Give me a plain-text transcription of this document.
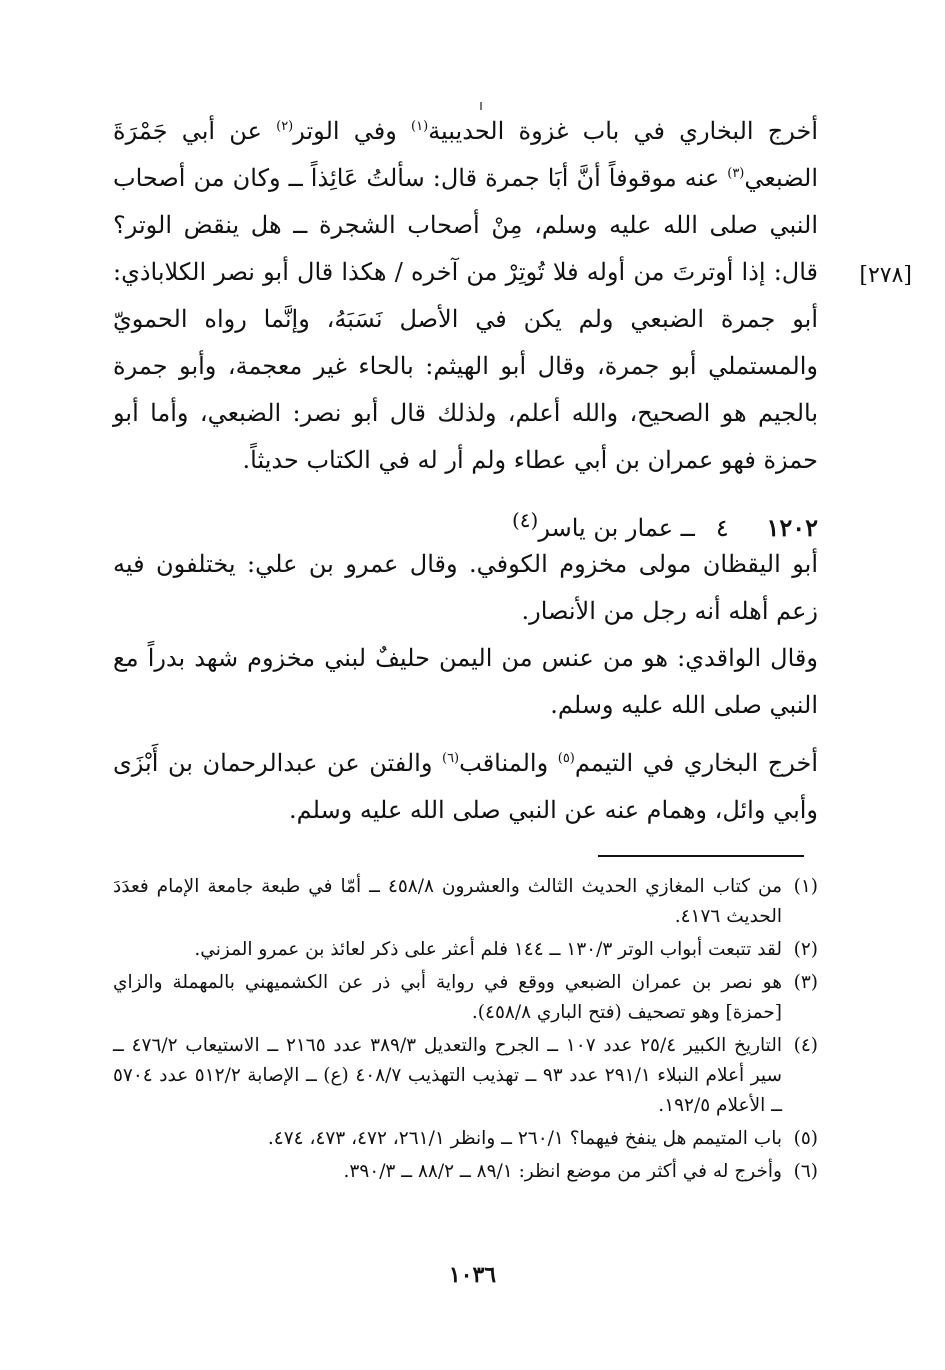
[٢٧٨]

أخرج البخاري في باب غزوة الحديبية$^{(١)}$ وفي الوتر$^{(٢)}$ عن أبي جَمْرَةَ الضبعي$^{(٣)}$ عنه موقوفاً أنَّ أبَا جمرة قال: سألتُ عَائِذاً ــ وكان من أصحاب النبي صلى الله عليه وسلم، مِنْ أصحاب الشجرة ــ هل ينقض الوتر؟ قال: إذا أوترتَ من أوله فلا تُوتِرْ من آخره / هكذا قال أبو نصر الكلاباذي: أبو جمرة الضبعي ولم يكن في الأصل نَسَبَهُ، وإنَّما رواه الحمويّ والمستملي أبو جمرة، وقال أبو الهيثم: بالحاء غير معجمة، وأبو جمرة بالجيم هو الصحيح، والله أعلم، ولذلك قال أبو نصر: الضبعي، وأما أبو حمزة فهو عمران بن أبي عطاء ولم أر له في الكتاب حديثاً.

١٢٠٢ ٤ ــ عمار بن ياسر$^{(٤)}$

أبو اليقظان مولى مخزوم الكوفي. وقال عمرو بن علي: يختلفون فيه زعم أهله أنه رجل من الأنصار.

وقال الواقدي: هو من عنس من اليمن حليفٌ لبني مخزوم شهد بدراً مع النبي صلى الله عليه وسلم.

أخرج البخاري في التيمم$^{(٥)}$ والمناقب$^{(٦)}$ والفتن عن عبدالرحمان بن أَبْزَى وأبي وائل، وهمام عنه عن النبي صلى الله عليه وسلم.

(١)
من كتاب المغازي الحديث الثالث والعشرون ٤٥٨/٨ ــ أمّا في طبعة جامعة الإمام فعدَدَ الحديث ٤١٧٦.
(٢)
لقد تتبعت أبواب الوتر ١٣٠/٣ ــ ١٤٤ فلم أعثر على ذكر لعائذ بن عمرو المزني.
(٣)
هو نصر بن عمران الضبعي ووقع في رواية أبي ذر عن الكشميهني بالمهملة والزاي [حمزة] وهو تصحيف (فتح الباري ٤٥٨/٨).
(٤)
التاريخ الكبير ٢٥/٤ عدد ١٠٧ ــ الجرح والتعديل ٣٨٩/٣ عدد ٢١٦٥ ــ الاستيعاب ٤٧٦/٢ ــ سير أعلام النبلاء ٢٩١/١ عدد ٩٣ ــ تهذيب التهذيب ٤٠٨/٧ (ع) ــ الإصابة ٥١٢/٢ عدد ٥٧٠٤ ــ الأعلام ١٩٢/٥.
(٥)
باب المتيمم هل ينفخ فيهما؟ ٢٦٠/١ ــ وانظر ٢٦١/١، ٤٧٢، ٤٧٣، ٤٧٤.
(٦)
وأخرج له في أكثر من موضع انظر: ٨٩/١ ــ ٨٨/٢ ــ ٣٩٠/٣.
١٠٣٦
